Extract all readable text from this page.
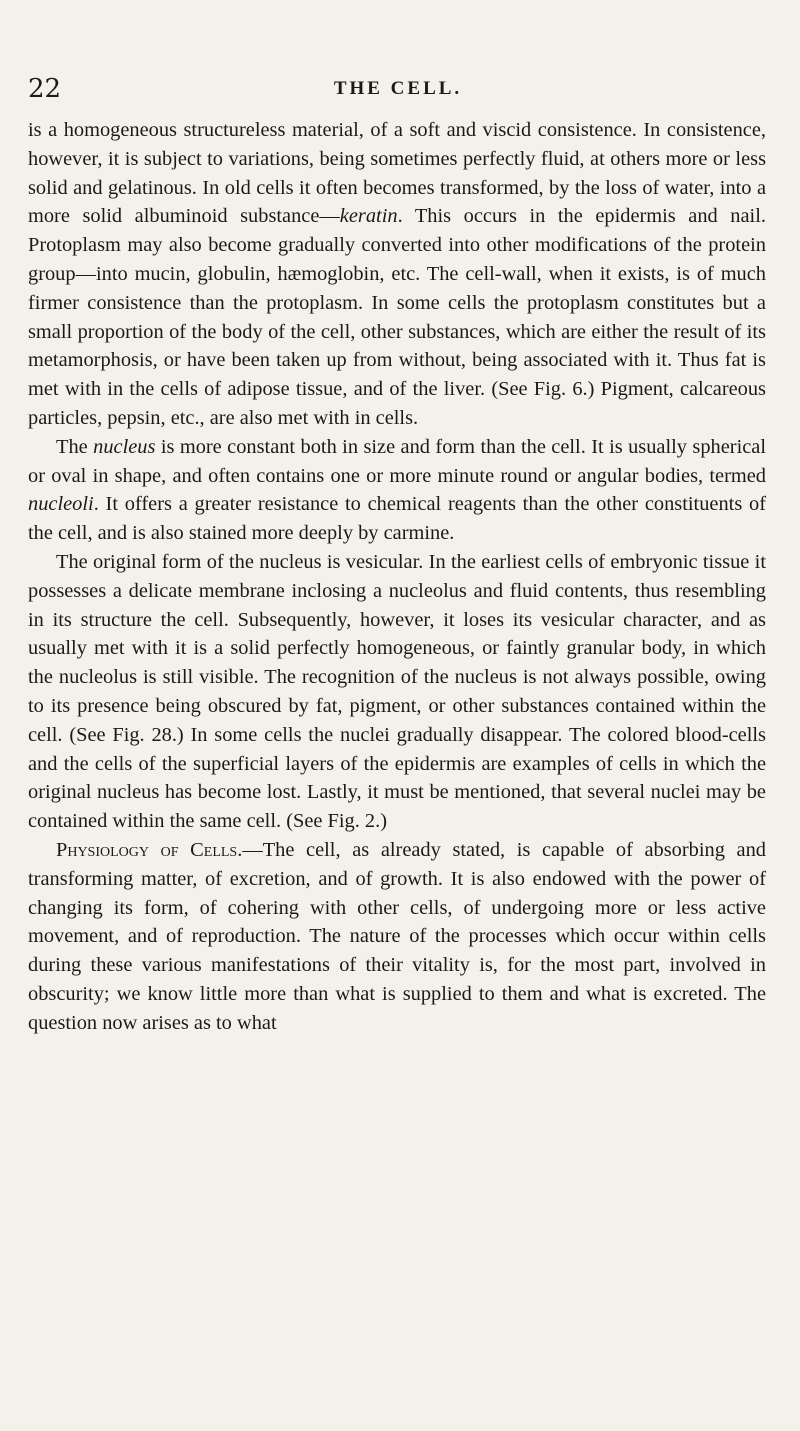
22	THE CELL.

is a homogeneous structureless material, of a soft and viscid consistence. In consistence, however, it is subject to variations, being sometimes perfectly fluid, at others more or less solid and gelatinous. In old cells it often becomes transformed, by the loss of water, into a more solid albuminoid substance—keratin. This occurs in the epidermis and nail. Protoplasm may also become gradually converted into other modifications of the protein group—into mucin, globulin, hæmoglobin, etc. The cell-wall, when it exists, is of much firmer consistence than the protoplasm. In some cells the protoplasm constitutes but a small proportion of the body of the cell, other substances, which are either the result of its metamorphosis, or have been taken up from without, being associated with it. Thus fat is met with in the cells of adipose tissue, and of the liver. (See Fig. 6.) Pigment, calcareous particles, pepsin, etc., are also met with in cells.

The nucleus is more constant both in size and form than the cell. It is usually spherical or oval in shape, and often contains one or more minute round or angular bodies, termed nucleoli. It offers a greater resistance to chemical reagents than the other constituents of the cell, and is also stained more deeply by carmine.

The original form of the nucleus is vesicular. In the earliest cells of embryonic tissue it possesses a delicate membrane inclosing a nucleolus and fluid contents, thus resembling in its structure the cell. Subsequently, however, it loses its vesicular character, and as usually met with it is a solid perfectly homogeneous, or faintly granular body, in which the nucleolus is still visible. The recognition of the nucleus is not always possible, owing to its presence being obscured by fat, pigment, or other substances contained within the cell. (See Fig. 28.) In some cells the nuclei gradually disappear. The colored blood-cells and the cells of the superficial layers of the epidermis are examples of cells in which the original nucleus has become lost. Lastly, it must be mentioned, that several nuclei may be contained within the same cell. (See Fig. 2.)

Physiology of Cells.—The cell, as already stated, is capable of absorbing and transforming matter, of excretion, and of growth. It is also endowed with the power of changing its form, of cohering with other cells, of undergoing more or less active movement, and of reproduction. The nature of the processes which occur within cells during these various manifestations of their vitality is, for the most part, involved in obscurity; we know little more than what is supplied to them and what is excreted. The question now arises as to what
